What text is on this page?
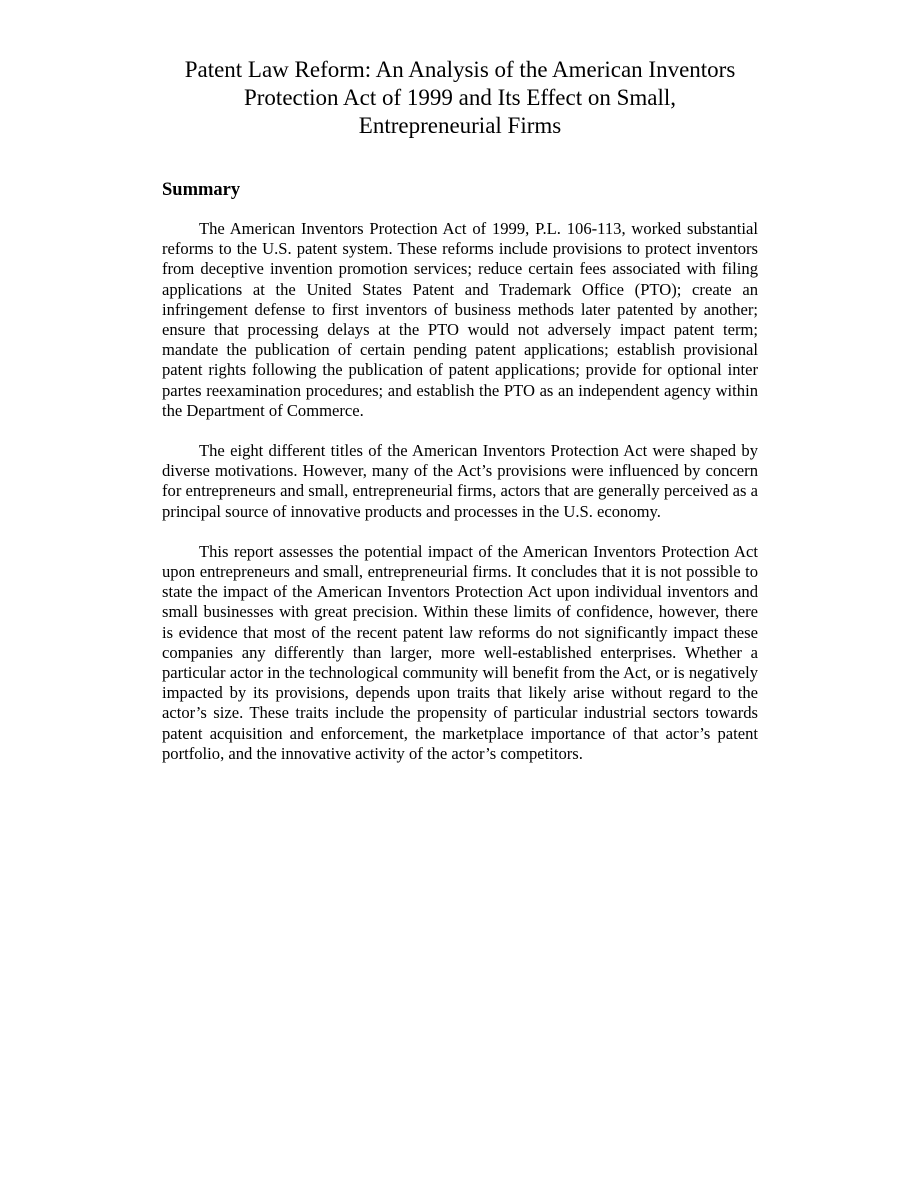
Patent Law Reform: An Analysis of the American Inventors
Protection Act of 1999 and Its Effect on Small,
Entrepreneurial Firms
Summary

The American Inventors Protection Act of 1999, P.L. 106-113, worked substantial reforms to the U.S. patent system. These reforms include provisions to protect inventors from deceptive invention promotion services; reduce certain fees associated with filing applications at the United States Patent and Trademark Office (PTO); create an infringement defense to first inventors of business methods later patented by another; ensure that processing delays at the PTO would not adversely impact patent term; mandate the publication of certain pending patent applications; establish provisional patent rights following the publication of patent applications; provide for optional inter partes reexamination procedures; and establish the PTO as an independent agency within the Department of Commerce.

The eight different titles of the American Inventors Protection Act were shaped by diverse motivations. However, many of the Act’s provisions were influenced by concern for entrepreneurs and small, entrepreneurial firms, actors that are generally perceived as a principal source of innovative products and processes in the U.S. economy.

This report assesses the potential impact of the American Inventors Protection Act upon entrepreneurs and small, entrepreneurial firms. It concludes that it is not possible to state the impact of the American Inventors Protection Act upon individual inventors and small businesses with great precision. Within these limits of confidence, however, there is evidence that most of the recent patent law reforms do not significantly impact these companies any differently than larger, more well-established enterprises. Whether a particular actor in the technological community will benefit from the Act, or is negatively impacted by its provisions, depends upon traits that likely arise without regard to the actor’s size. These traits include the propensity of particular industrial sectors towards patent acquisition and enforcement, the marketplace importance of that actor’s patent portfolio, and the innovative activity of the actor’s competitors.
